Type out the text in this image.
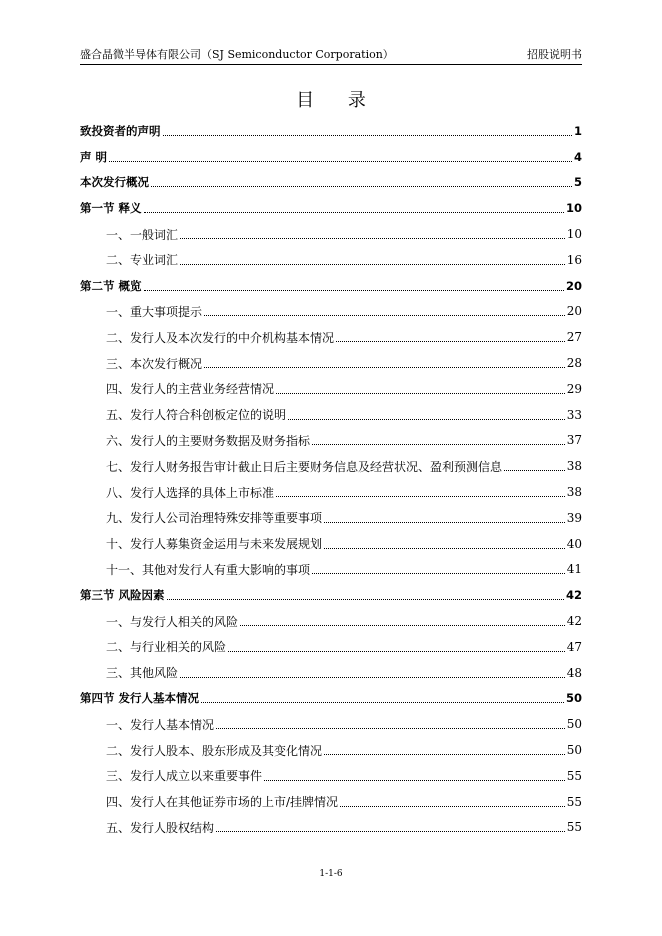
盛合晶微半导体有限公司（SJ Semiconductor Corporation）	招股说明书
目 录
致投资者的声明	1
声 明	4
本次发行概况	5
第一节 释义	10
一、一般词汇	10
二、专业词汇	16
第二节 概览	20
一、重大事项提示	20
二、发行人及本次发行的中介机构基本情况	27
三、本次发行概况	28
四、发行人的主营业务经营情况	29
五、发行人符合科创板定位的说明	33
六、发行人的主要财务数据及财务指标	37
七、发行人财务报告审计截止日后主要财务信息及经营状况、盈利预测信息	38
八、发行人选择的具体上市标准	38
九、发行人公司治理特殊安排等重要事项	39
十、发行人募集资金运用与未来发展规划	40
十一、其他对发行人有重大影响的事项	41
第三节 风险因素	42
一、与发行人相关的风险	42
二、与行业相关的风险	47
三、其他风险	48
第四节 发行人基本情况	50
一、发行人基本情况	50
二、发行人股本、股东形成及其变化情况	50
三、发行人成立以来重要事件	55
四、发行人在其他证券市场的上市/挂牌情况	55
五、发行人股权结构	55
1-1-6
